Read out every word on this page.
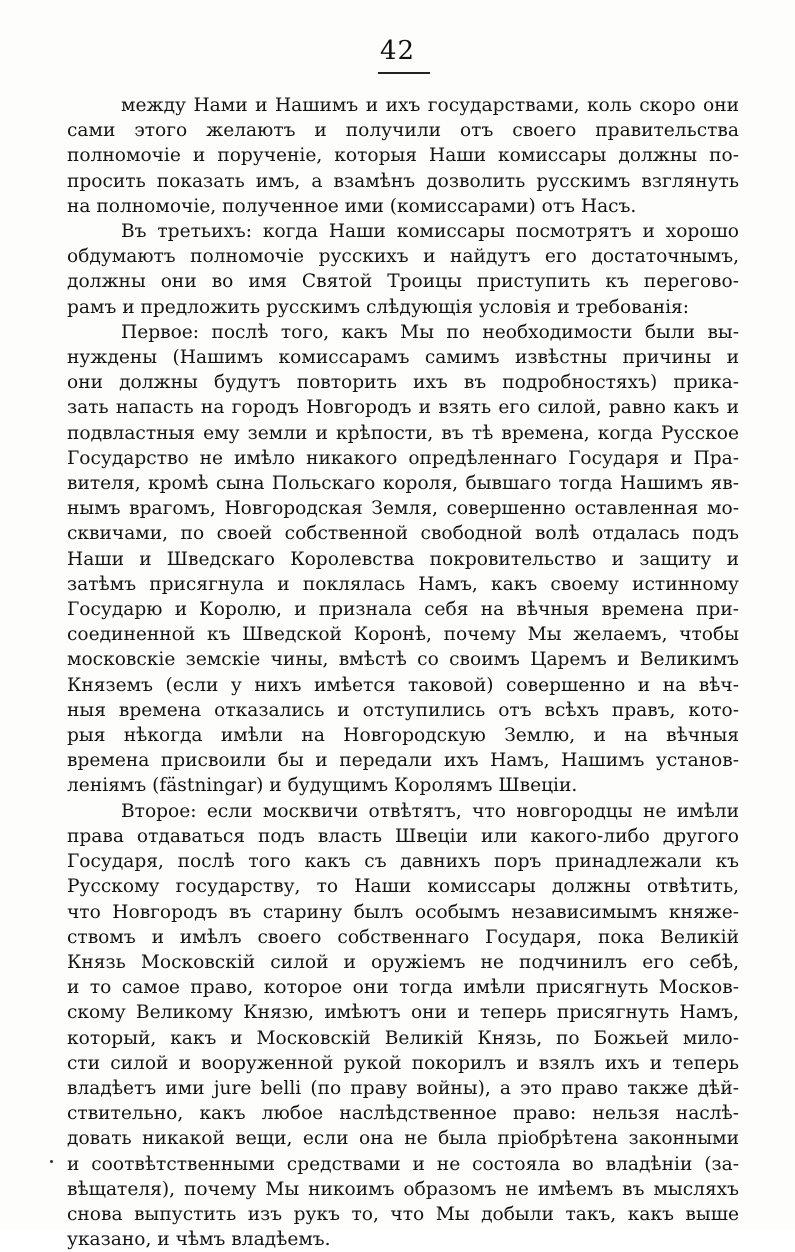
42
между Нами и Нашимъ и ихъ государствами, коль скоро они
сами этого желаютъ и получили отъ своего правительства
полномочіе и порученіе, которыя Наши комиссары должны по-
просить показать имъ, а взамѣнъ дозволить русскимъ взглянуть
на полномочіе, полученное ими (комиссарами) отъ Насъ.
Въ третьихъ: когда Наши комиссары посмотрятъ и хорошо
обдумаютъ полномочіе русскихъ и найдутъ его достаточнымъ,
должны они во имя Святой Троицы приступить къ перегово-
рамъ и предложить русскимъ слѣдующія условія и требованія:
Первое: послѣ того, какъ Мы по необходимости были вы-
нуждены (Нашимъ комиссарамъ самимъ извѣстны причины и
они должны будутъ повторить ихъ въ подробностяхъ) прика-
зать напасть на городъ Новгородъ и взять его силой, равно какъ и
подвластныя ему земли и крѣпости, въ тѣ времена, когда Русское
Государство не имѣло никакого опредѣленнаго Государя и Пра-
вителя, кромѣ сына Польскаго короля, бывшаго тогда Нашимъ яв-
нымъ врагомъ, Новгородская Земля, совершенно оставленная мо-
сквичами, по своей собственной свободной волѣ отдалась подъ
Наши и Шведскаго Королевства покровительство и защиту и
затѣмъ присягнула и поклялась Намъ, какъ своему истинному
Государю и Королю, и признала себя на вѣчныя времена при-
соединенной къ Шведской Коронѣ, почему Мы желаемъ, чтобы
московскіе земскіе чины, вмѣстѣ со своимъ Царемъ и Великимъ
Княземъ (если у нихъ имѣется таковой) совершенно и на вѣч-
ныя времена отказались и отступились отъ всѣхъ правъ, кото-
рыя нѣкогда имѣли на Новгородскую Землю, и на вѣчныя
времена присвоили бы и передали ихъ Намъ, Нашимъ установ-
леніямъ (fästningar) и будущимъ Королямъ Швеціи.
Второе: если москвичи отвѣтятъ, что новгородцы не имѣли
права отдаваться подъ власть Швеціи или какого-либо другого
Государя, послѣ того какъ съ давнихъ поръ принадлежали къ
Русскому государству, то Наши комиссары должны отвѣтить,
что Новгородъ въ старину былъ особымъ независимымъ княже-
ствомъ и имѣлъ своего собственнаго Государя, пока Великій
Князь Московскій силой и оружіемъ не подчинилъ его себѣ,
и то самое право, которое они тогда имѣли присягнуть Москов-
скому Великому Князю, имѣютъ они и теперь присягнуть Намъ,
который, какъ и Московскій Великій Князь, по Божьей мило-
сти силой и вооруженной рукой покорилъ и взялъ ихъ и теперь
владѣетъ ими jure belli (по праву войны), а это право также дѣй-
ствительно, какъ любое наслѣдственное право: нельзя наслѣ-
довать никакой вещи, если она не была пріобрѣтена законными
и соотвѣтственными средствами и не состояла во владѣніи (за-
вѣщателя), почему Мы никоимъ образомъ не имѣемъ въ мысляхъ
снова выпустить изъ рукъ то, что Мы добыли такъ, какъ выше
указано, и чѣмъ владѣемъ.
